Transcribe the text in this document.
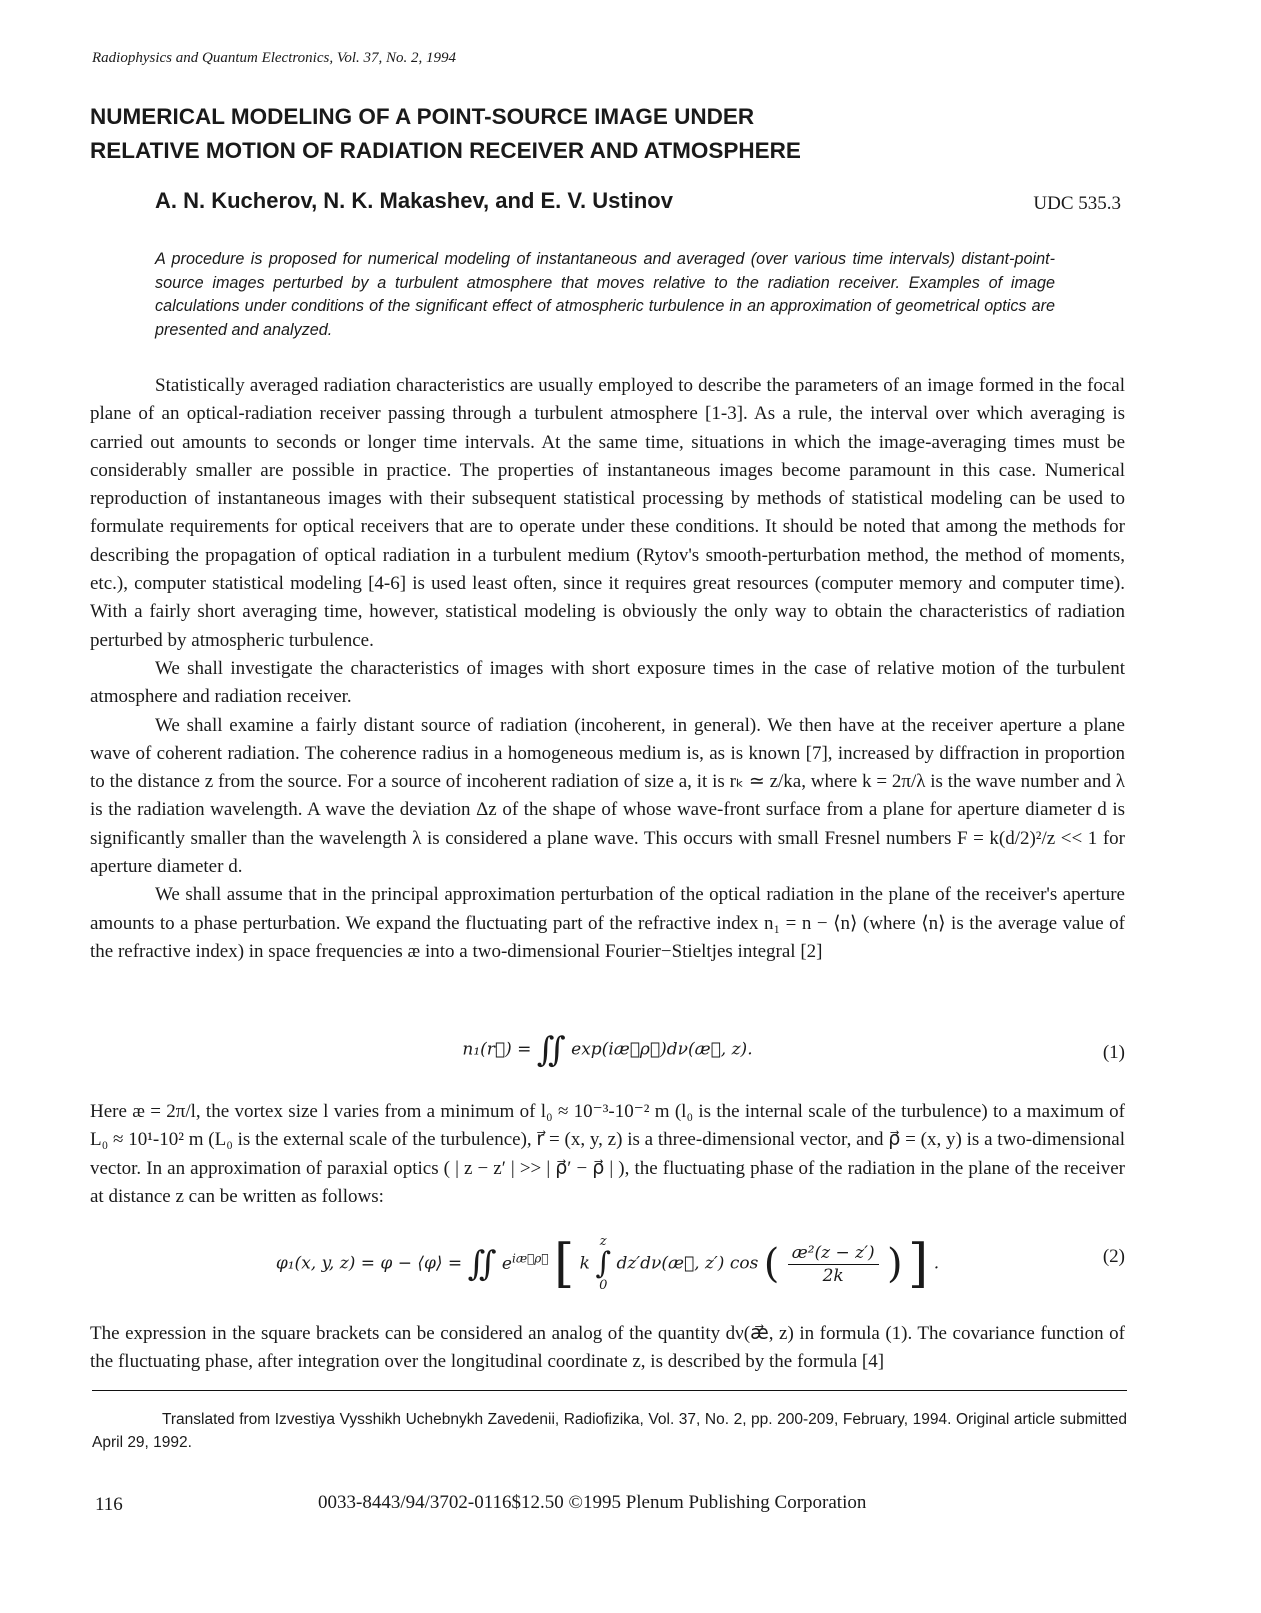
Radiophysics and Quantum Electronics, Vol. 37, No. 2, 1994
NUMERICAL MODELING OF A POINT-SOURCE IMAGE UNDER
RELATIVE MOTION OF RADIATION RECEIVER AND ATMOSPHERE
A. N. Kucherov, N. K. Makashev, and E. V. Ustinov	UDC 535.3
A procedure is proposed for numerical modeling of instantaneous and averaged (over various time intervals) distant-point-source images perturbed by a turbulent atmosphere that moves relative to the radiation receiver. Examples of image calculations under conditions of the significant effect of atmospheric turbulence in an approximation of geometrical optics are presented and analyzed.

Statistically averaged radiation characteristics are usually employed to describe the parameters of an image formed in the focal plane of an optical-radiation receiver passing through a turbulent atmosphere [1-3]. As a rule, the interval over which averaging is carried out amounts to seconds or longer time intervals. At the same time, situations in which the image-averaging times must be considerably smaller are possible in practice. The properties of instantaneous images become paramount in this case. Numerical reproduction of instantaneous images with their subsequent statistical processing by methods of statistical modeling can be used to formulate requirements for optical receivers that are to operate under these conditions. It should be noted that among the methods for describing the propagation of optical radiation in a turbulent medium (Rytov's smooth-perturbation method, the method of moments, etc.), computer statistical modeling [4-6] is used least often, since it requires great resources (computer memory and computer time). With a fairly short averaging time, however, statistical modeling is obviously the only way to obtain the characteristics of radiation perturbed by atmospheric turbulence.

We shall investigate the characteristics of images with short exposure times in the case of relative motion of the turbulent atmosphere and radiation receiver.

We shall examine a fairly distant source of radiation (incoherent, in general). We then have at the receiver aperture a plane wave of coherent radiation. The coherence radius in a homogeneous medium is, as is known [7], increased by diffraction in proportion to the distance z from the source. For a source of incoherent radiation of size a, it is rₖ ≃ z/ka, where k = 2π/λ is the wave number and λ is the radiation wavelength. A wave the deviation Δz of the shape of whose wave-front surface from a plane for aperture diameter d is significantly smaller than the wavelength λ is considered a plane wave. This occurs with small Fresnel numbers F = k(d/2)²/z << 1 for aperture diameter d.

We shall assume that in the principal approximation perturbation of the optical radiation in the plane of the receiver's aperture amounts to a phase perturbation. We expand the fluctuating part of the refractive index n₁ = n − ⟨n⟩ (where ⟨n⟩ is the average value of the refractive index) in space frequencies æ into a two-dimensional Fourier−Stieltjes integral [2]

n₁(r⃗) = ∬ exp(iæ⃗ρ⃗)dν(æ⃗, z).	(1)

Here æ = 2π/l, the vortex size l varies from a minimum of l₀ ≈ 10⁻³-10⁻² m (l₀ is the internal scale of the turbulence) to a maximum of L₀ ≈ 10¹-10² m (L₀ is the external scale of the turbulence), r⃗ = (x, y, z) is a three-dimensional vector, and ρ⃗ = (x, y) is a two-dimensional vector. In an approximation of paraxial optics ( | z − z′ | >> | ρ⃗′ − ρ⃗ | ), the fluctuating phase of the radiation in the plane of the receiver at distance z can be written as follows:

φ₁(x, y, z) = φ − ⟨φ⟩ = ∬ $e^{iæ⃗\rho⃗}$ [ k
z
∫
0
dz′dν(æ⃗, z′) cos ( $\frac{\text{æ²(z − z′)}}{2k}$ ) ] .	(2)

The expression in the square brackets can be considered an analog of the quantity dν(æ⃗, z) in formula (1). The covariance function of the fluctuating phase, after integration over the longitudinal coordinate z, is described by the formula [4]

Translated from Izvestiya Vysshikh Uchebnykh Zavedenii, Radiofizika, Vol. 37, No. 2, pp. 200-209, February, 1994. Original article submitted April 29, 1992.
116	0033-8443/94/3702-0116$12.50 ©1995 Plenum Publishing Corporation
